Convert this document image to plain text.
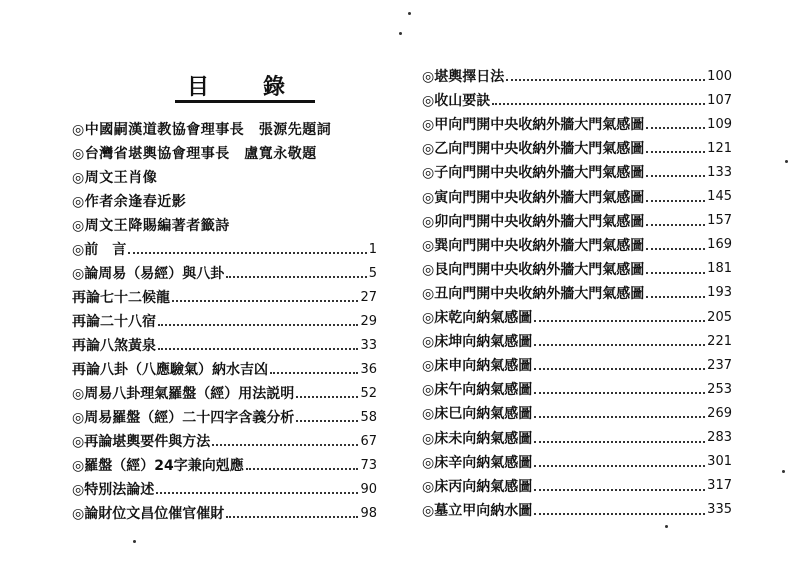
目 錄
◎中國嗣漢道教協會理事長　張源先題詞
◎台灣省堪輿協會理事長　盧寬永敬題
◎周文王肖像
◎作者余逢春近影
◎周文王降賜編著者籤詩
◎前　言	1
◎論周易（易經）與八卦	5
再論七十二候龍	27
再論二十八宿	29
再論八煞黃泉	33
再論八卦（八應驗氣）納水吉凶	36
◎周易八卦理氣羅盤（經）用法説明	52
◎周易羅盤（經）二十四字含義分析	58
◎再論堪輿要件與方法	67
◎羅盤（經）24字兼向剋應	73
◎特別法論述	90
◎論財位文昌位催官催財	98
◎堪輿擇日法	100
◎收山要訣	107
◎甲向門開中央收納外牆大門氣感圖	109
◎乙向門開中央收納外牆大門氣感圖	121
◎子向門開中央收納外牆大門氣感圖	133
◎寅向門開中央收納外牆大門氣感圖	145
◎卯向門開中央收納外牆大門氣感圖	157
◎巽向門開中央收納外牆大門氣感圖	169
◎艮向門開中央收納外牆大門氣感圖	181
◎丑向門開中央收納外牆大門氣感圖	193
◎床乾向納氣感圖	205
◎床坤向納氣感圖	221
◎床申向納氣感圖	237
◎床午向納氣感圖	253
◎床巳向納氣感圖	269
◎床未向納氣感圖	283
◎床辛向納氣感圖	301
◎床丙向納氣感圖	317
◎墓立甲向納水圖	335
